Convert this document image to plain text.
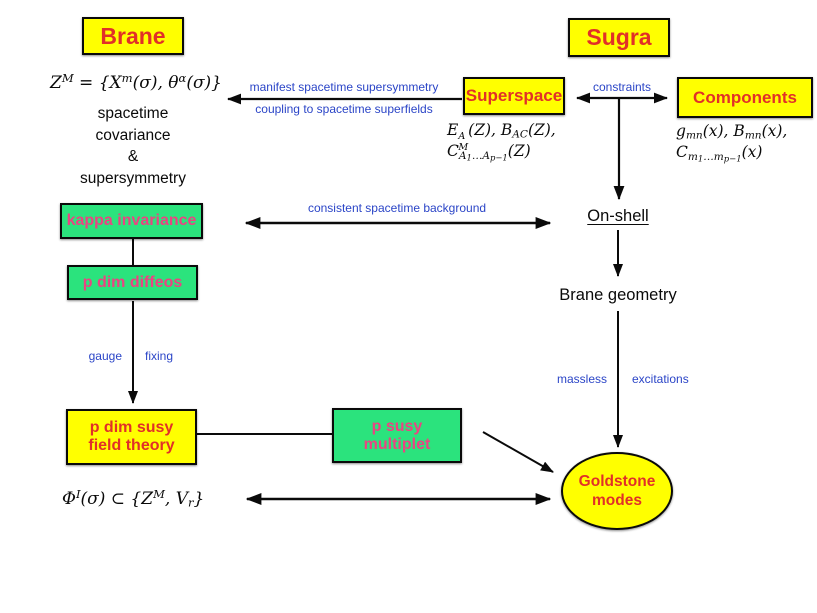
Brane	Sugra
$Z^M = \{X^m(\sigma)$, $\theta^\alpha(\sigma)$}	manifest spacetime supersymmetry
coupling to spacetime superfields
Superspace	constraints
Components
E A
M
(Z), BAC(Z),
CA1…Ap−1(Z)
gmn(x), Bmn(x),
Cm1…mp−1(x)
spacetime
covariance
&
supersymmetry
kappa invariance
p dim diffeos
consistent spacetime background	On-shell
Brane geometry
gauge fixing
massless excitations
p dim susy
field theory
p susy
multiplet
Goldstone
modes
$\Phi^I(\sigma)$ ⊂ {$Z^M$, Vr}
